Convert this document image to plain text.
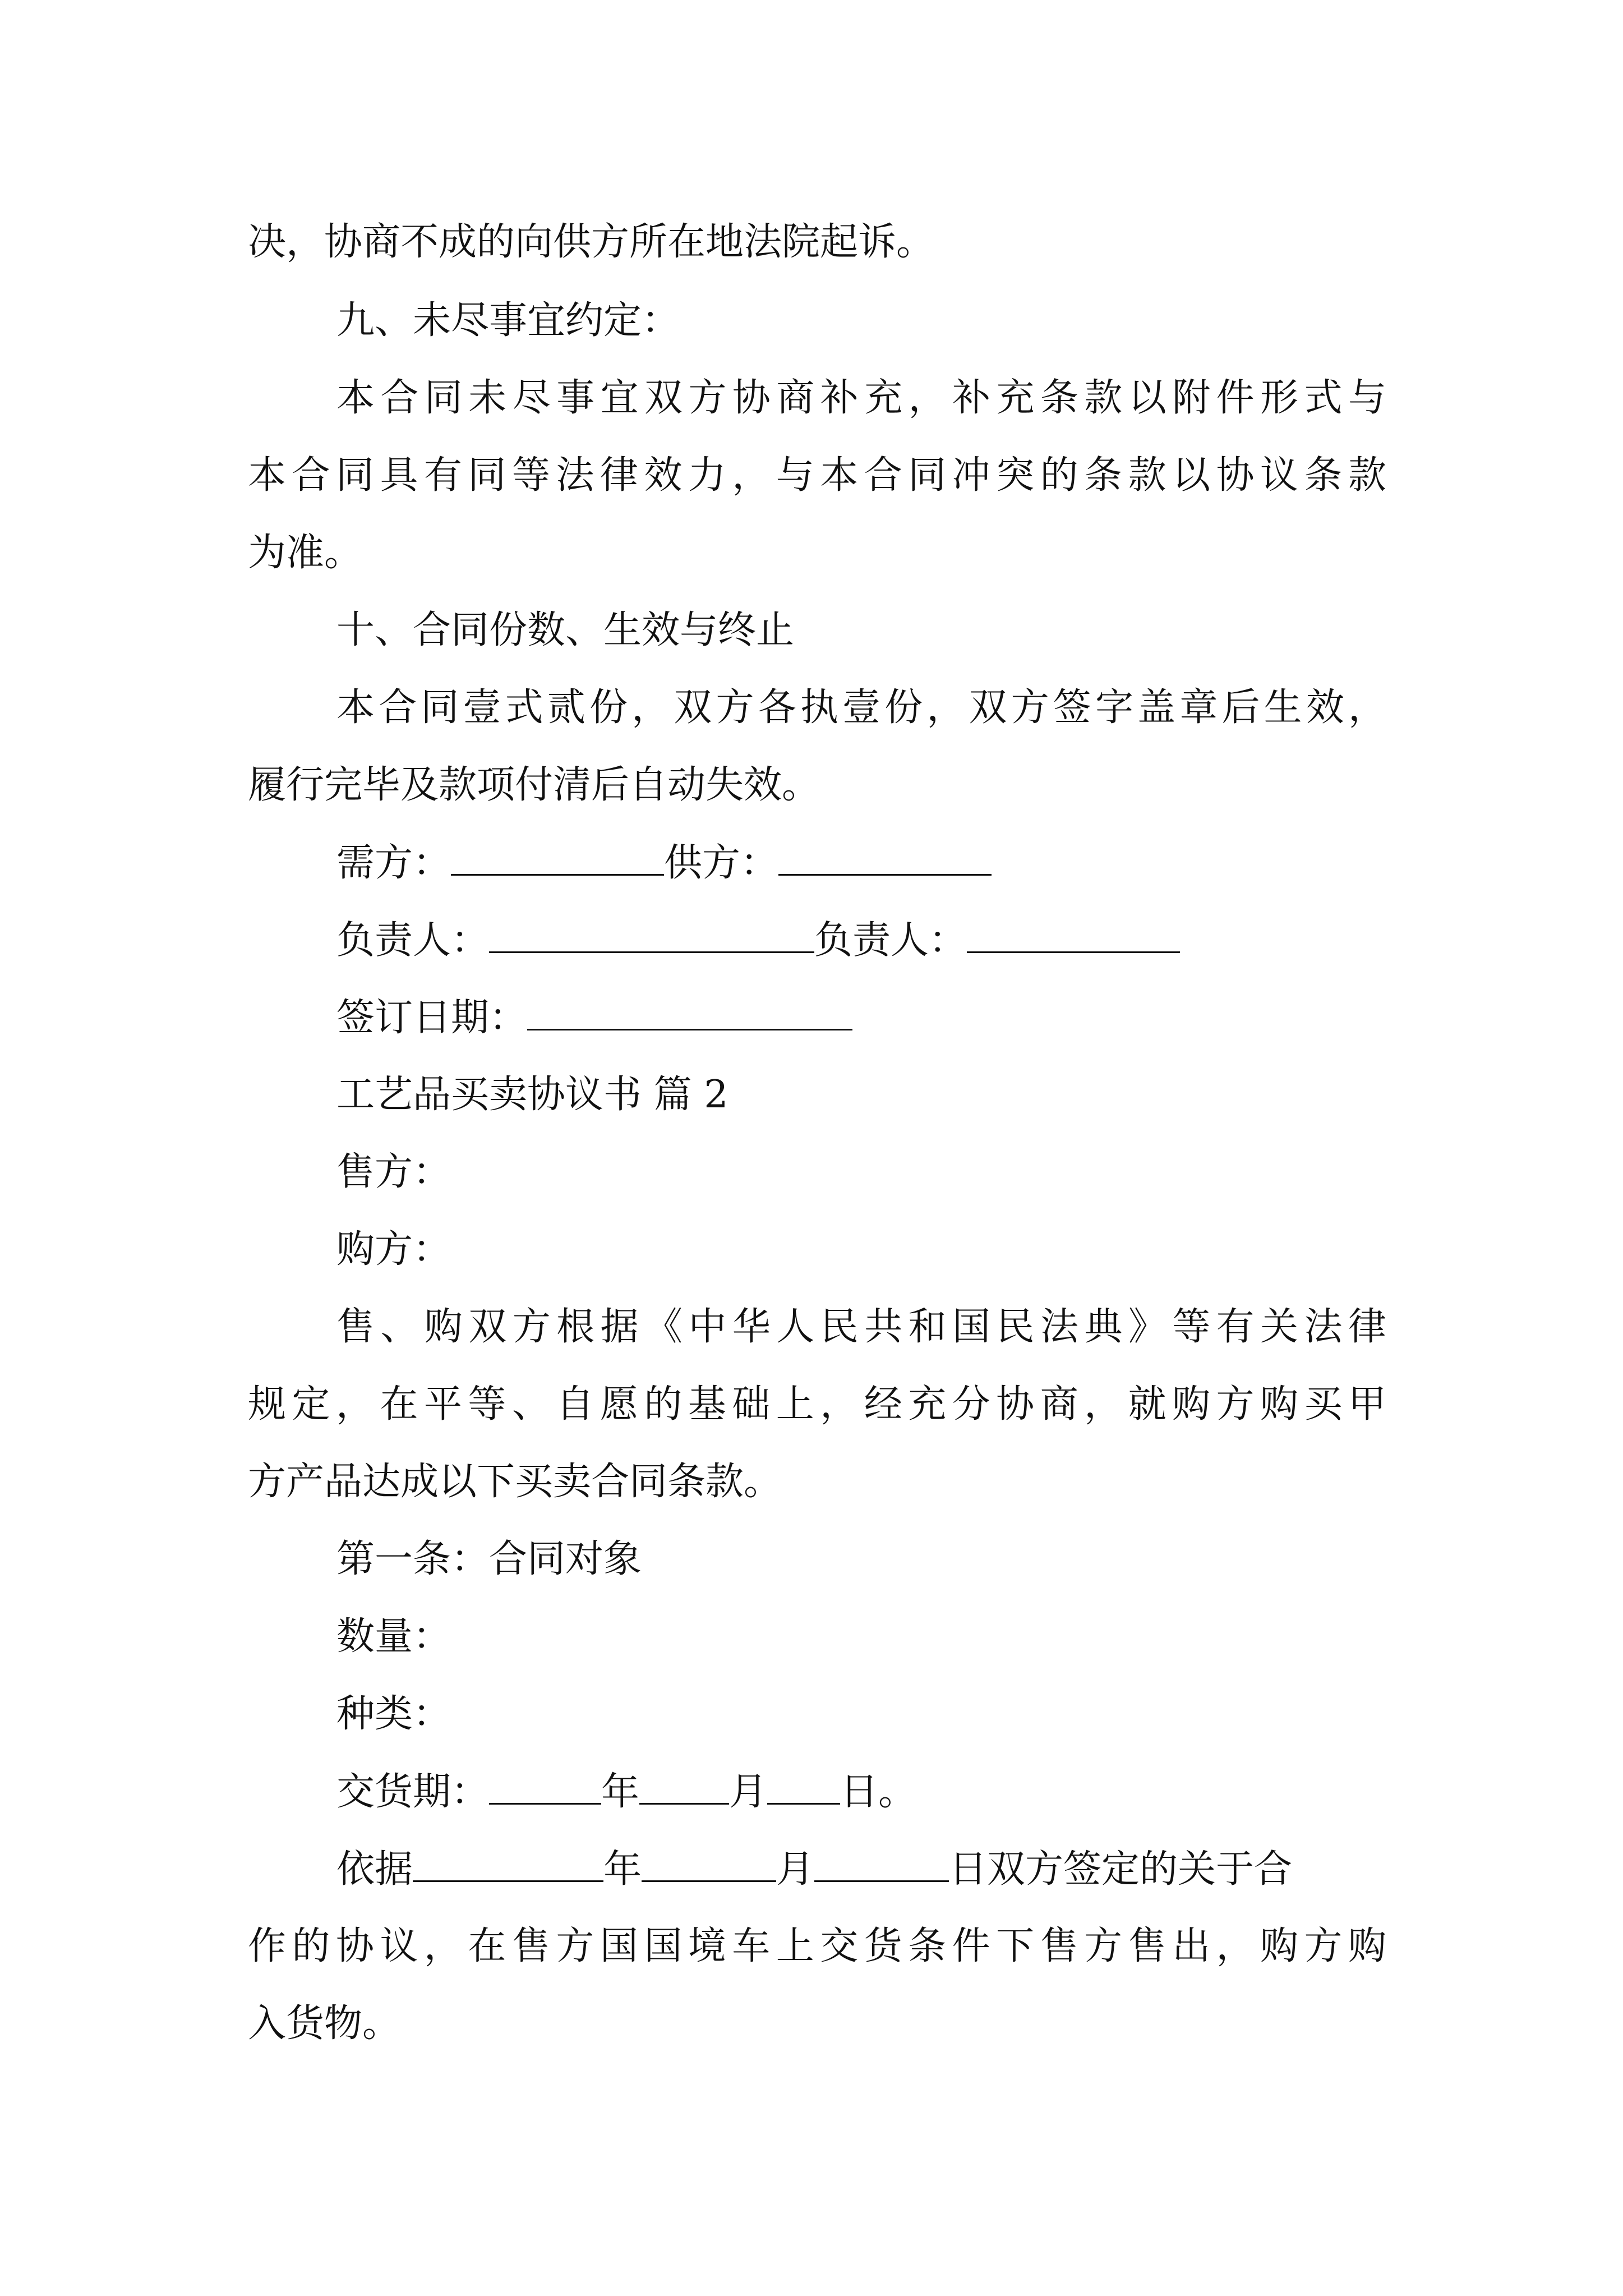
决，协商不成的向供方所在地法院起诉。
九、未尽事宜约定：
本合同未尽事宜双方协商补充，补充条款以附件形式与
本合同具有同等法律效力，与本合同冲突的条款以协议条款
为准。
十、合同份数、生效与终止
本合同壹式贰份，双方各执壹份，双方签字盖章后生效，
履行完毕及款项付清后自动失效。
需方：	供方：
负责人：	负责人：
签订日期：
工艺品买卖协议书 篇 2
售方：
购方：
售、购双方根据《中华人民共和国民法典》等有关法律
规定，在平等、自愿的基础上，经充分协商，就购方购买甲
方产品达成以下买卖合同条款。
第一条：合同对象
数量：
种类：
交货期：	年 月 日。
依据	年	月	日双方签定的关于合
作的协议，在售方国国境车上交货条件下售方售出，购方购
入货物。
